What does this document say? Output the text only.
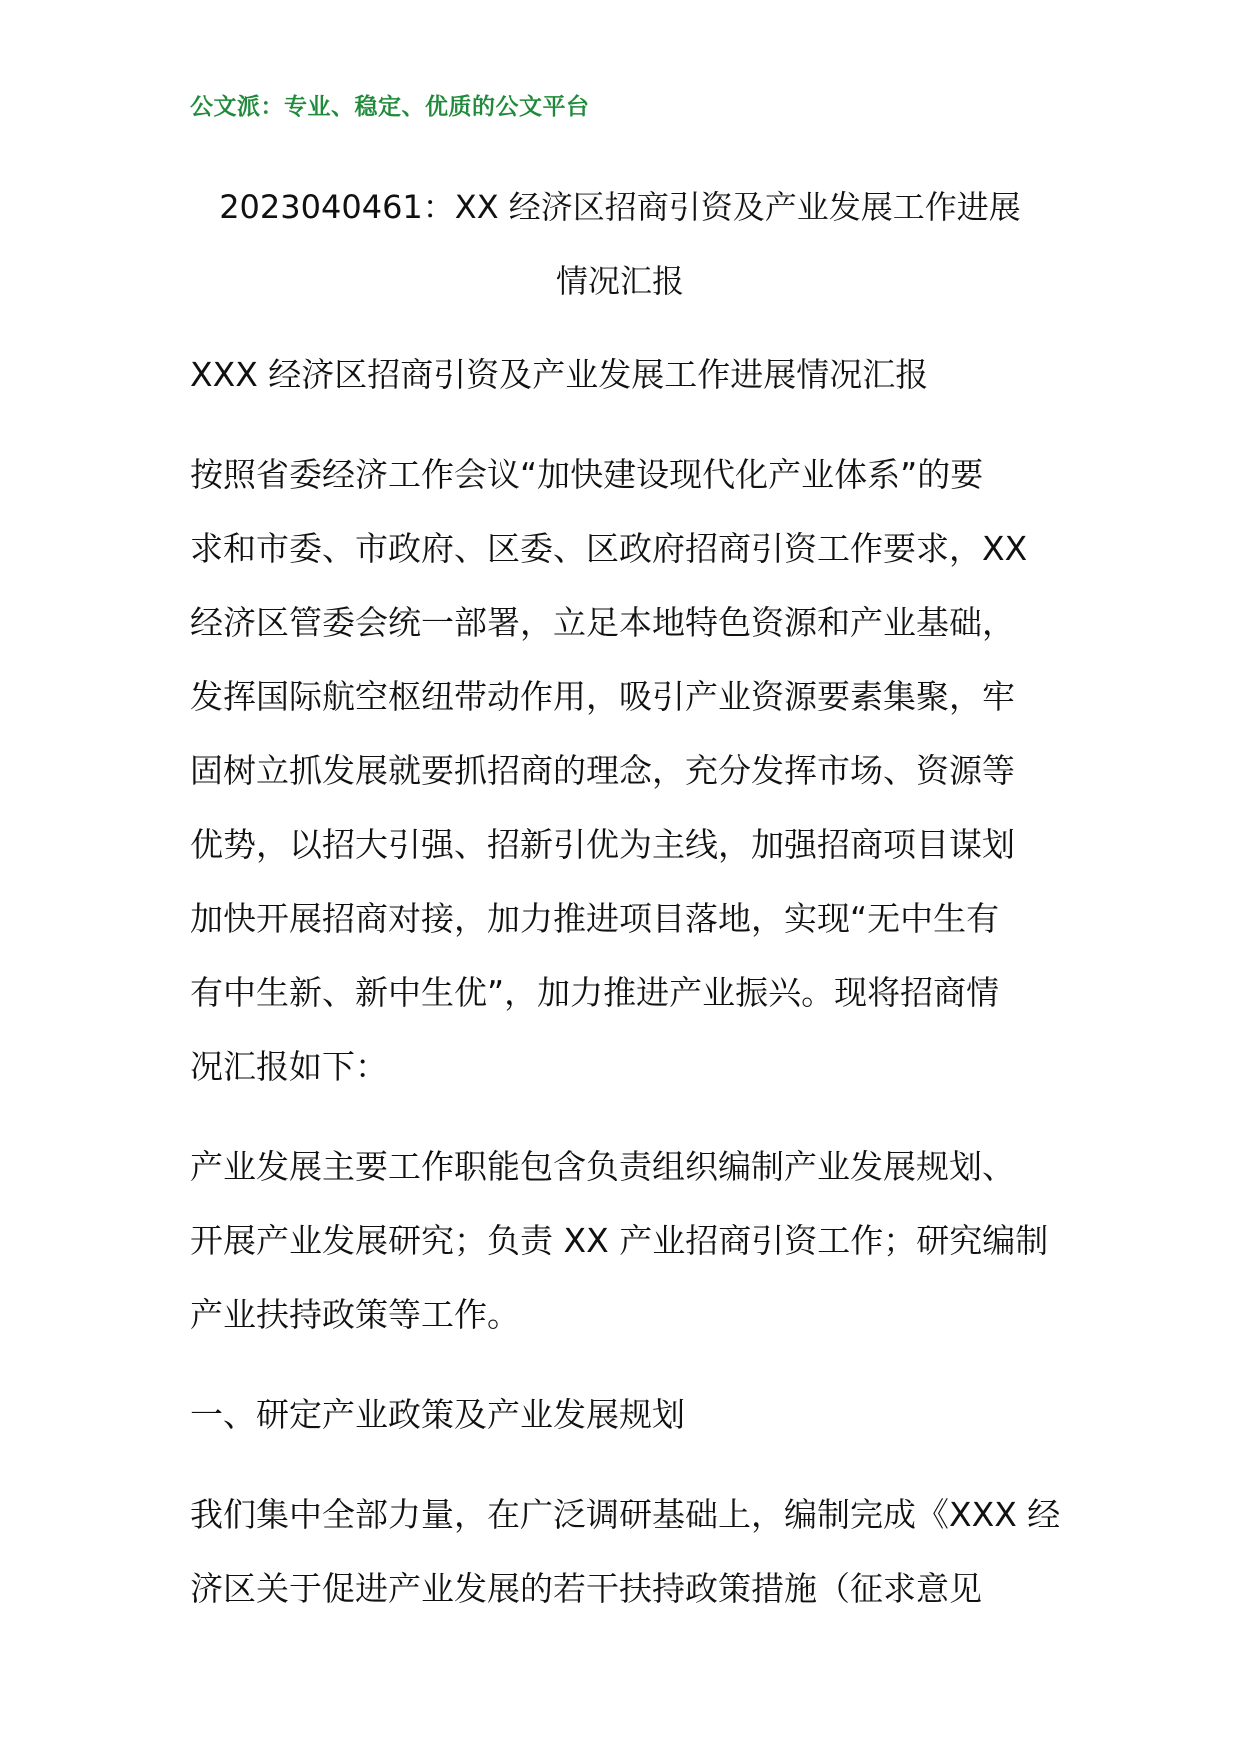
公文派：专业、稳定、优质的公文平台
2023040461：XX 经济区招商引资及产业发展工作进展
情况汇报
XXX 经济区招商引资及产业发展工作进展情况汇报
按照省委经济工作会议“加快建设现代化产业体系”的要
求和市委、市政府、区委、区政府招商引资工作要求，XX
经济区管委会统一部署，立足本地特色资源和产业基础，
发挥国际航空枢纽带动作用，吸引产业资源要素集聚，牢
固树立抓发展就要抓招商的理念，充分发挥市场、资源等
优势，以招大引强、招新引优为主线，加强招商项目谋划
加快开展招商对接，加力推进项目落地，实现“无中生有
有中生新、新中生优”，加力推进产业振兴。现将招商情
况汇报如下：
产业发展主要工作职能包含负责组织编制产业发展规划、
开展产业发展研究；负责 XX 产业招商引资工作；研究编制
产业扶持政策等工作。
一、研定产业政策及产业发展规划
我们集中全部力量，在广泛调研基础上，编制完成《XXX 经
济区关于促进产业发展的若干扶持政策措施（征求意见
